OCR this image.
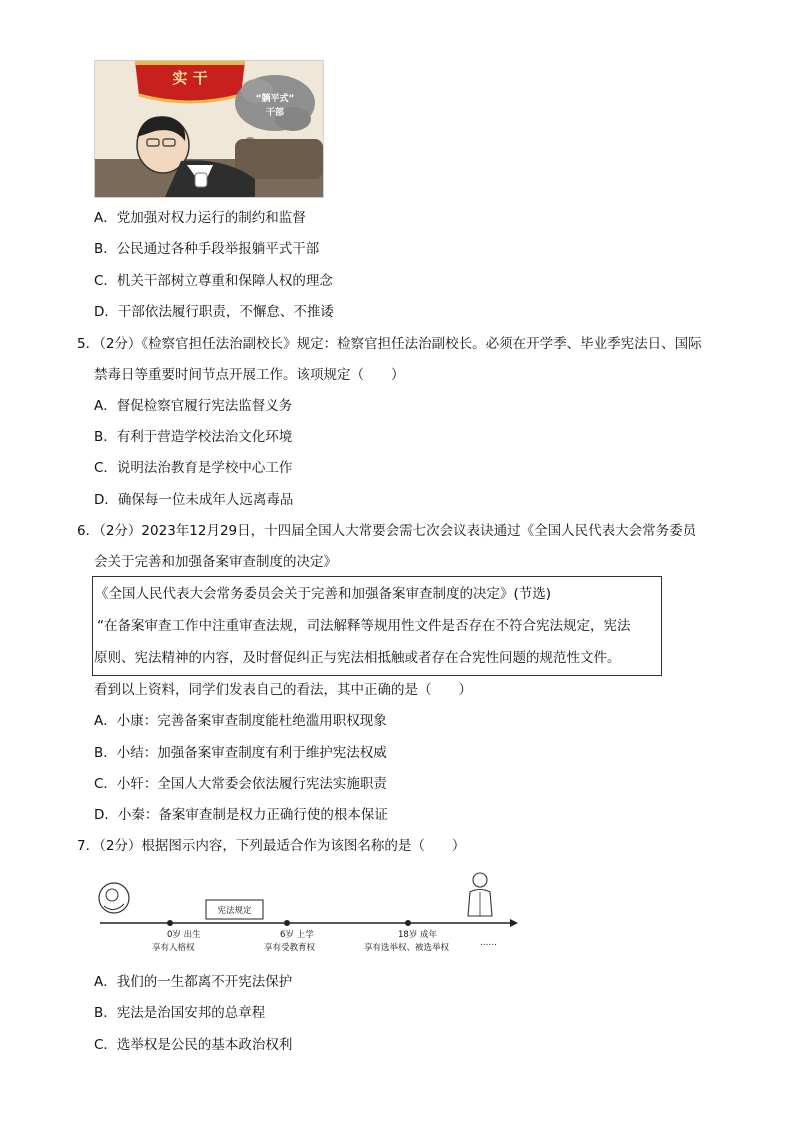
实 干
“躺平式”
干部
A．党加强对权力运行的制约和监督
B．公民通过各种手段举报躺平式干部
C．机关干部树立尊重和保障人权的理念
D．干部依法履行职责，不懈怠、不推诿
5．（2分）《检察官担任法治副校长》规定：检察官担任法治副校长。必须在开学季、毕业季宪法日、国际
禁毒日等重要时间节点开展工作。该项规定（　　）
A．督促检察官履行宪法监督义务
B．有利于营造学校法治文化环境
C．说明法治教育是学校中心工作
D．确保每一位未成年人远离毒品
6．（2分）2023年12月29日，十四届全国人大常要会需七次会议表诀通过《全国人民代表大会常务委员
会关于完善和加强备案审查制度的决定》
《全国人民代表大会常务委员会关于完善和加强备案审查制度的决定》(节选)
“在备案审查工作中注重审查法规，司法解释等规用性文件是否存在不符合宪法规定，宪法
原则、宪法精神的内容，及时督促纠正与宪法相抵触或者存在合宪性问题的规范性文件。
看到以上资料，同学们发表自己的看法，其中正确的是（　　）
A．小康：完善备案审查制度能杜绝滥用职权现象
B．小结：加强备案审查制度有利于维护宪法权威
C．小轩：全国人大常委会依法履行宪法实施职责
D．小秦：备案审查制是权力正确行使的根本保证
7．（2分）根据图示内容，下列最适合作为该图名称的是（　　）
宪法规定
0岁 出生
享有人格权
6岁 上学
享有受教育权
18岁 成年
享有选举权、被选举权	……
A．我们的一生都离不开宪法保护
B．宪法是治国安邦的总章程
C．选举权是公民的基本政治权利
